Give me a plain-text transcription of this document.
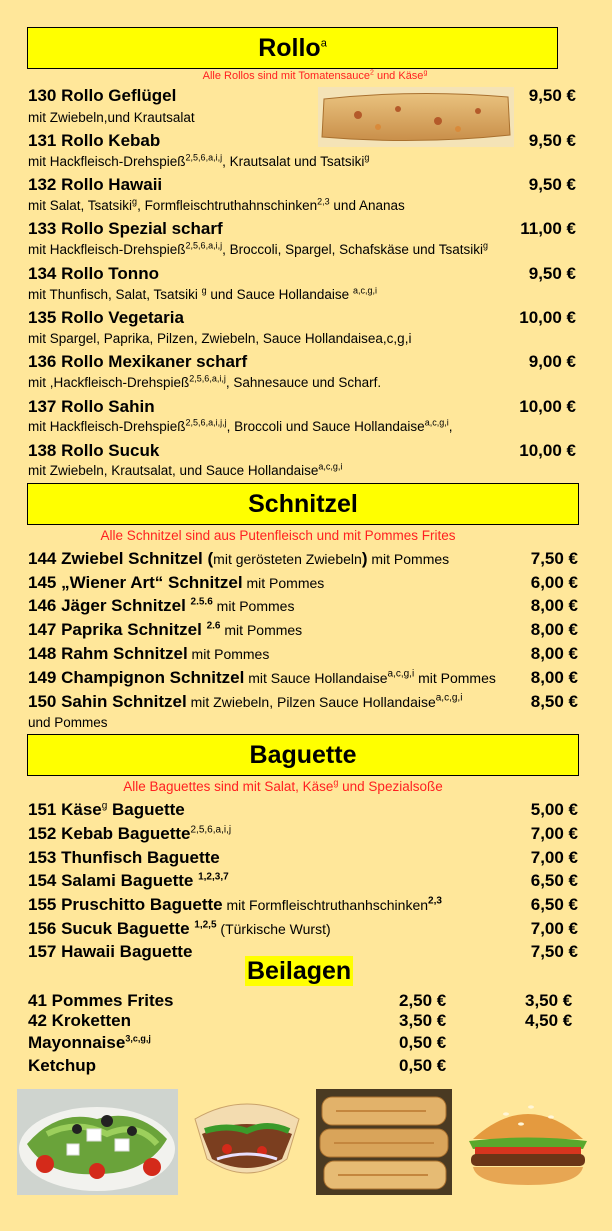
Rollo$^a$
Alle Rollos sind mit Tomatensauce$^2$ und Käse$^g$
130 Rollo Geflügel	9,50 €
mit Zwiebeln,und Krautsalat
131 Rollo Kebab	9,50 €
mit Hackfleisch-Drehspieß$^{2,5,6,a,i,j}$, Krautsalat und Tsatsiki$^g$
132 Rollo Hawaii	9,50 €
mit Salat, Tsatsiki$^g$, Formfleischtruthahnschinken$^{2,3}$ und Ananas
133 Rollo Spezial scharf	11,00 €
mit Hackfleisch-Drehspieß$^{2,5,6,a,i,j}$, Broccoli, Spargel, Schafskäse und Tsatsiki$^g$
134 Rollo Tonno	9,50 €
mit Thunfisch, Salat, Tsatsiki $^g$ und Sauce Hollandaise $^{a,c,g,i}$
135 Rollo Vegetaria	10,00 €
mit Spargel, Paprika, Pilzen, Zwiebeln, Sauce Hollandaisea,c,g,i
136 Rollo Mexikaner scharf	9,00 €
mit ,Hackfleisch-Drehspieß$^{2,5,6,a,i,j}$, Sahnesauce und Scharf.
137 Rollo Sahin	10,00 €
mit Hackfleisch-Drehspieß$^{2,5,6,a,i,j,j}$, Broccoli und Sauce Hollandaise$^{a,c,g,i}$,
138 Rollo Sucuk	10,00 €
mit Zwiebeln, Krautsalat, und Sauce Hollandaise$^{a,c,g,i}$
Schnitzel
Alle Schnitzel sind aus Putenfleisch und mit Pommes Frites
144 Zwiebel Schnitzel (mit gerösteten Zwiebeln) mit Pommes	7,50 €
145 „Wiener Art“ Schnitzel mit Pommes	6,00 €
146 Jäger Schnitzel $^{2.5.6}$ mit Pommes	8,00 €
147 Paprika Schnitzel $^{2.6}$ mit Pommes	8,00 €
148 Rahm Schnitzel mit Pommes	8,00 €
149 Champignon Schnitzel mit Sauce Hollandaise$^{a,c,g,i}$ mit Pommes 8,00 €
150 Sahin Schnitzel mit Zwiebeln, Pilzen Sauce Hollandaise$^{a,c,g,i}$	8,50 €
und Pommes
Baguette
Alle Baguettes sind mit Salat, Käse$^g$ und Spezialsoße
151 Käse$^g$ Baguette	5,00 €
152 Kebab Baguette$^{2,5,6,a,i,j}$	7,00 €
153 Thunfisch Baguette	7,00 €
154 Salami Baguette $^{1,2,3,7}$	6,50 €
155 Pruschitto Baguette mit Formfleischtruthanhschinken$^{2,3}$	6,50 €
156 Sucuk Baguette $^{1,2,5}$ (Türkische Wurst)	7,00 €
157 Hawaii Baguette	7,50 €
Beilagen
41 Pommes Frites	2,50 €	3,50 €
42 Kroketten	3,50 €	4,50 €
Mayonnaise$^{3,c,g,j}$	0,50 €
Ketchup	0,50 €
